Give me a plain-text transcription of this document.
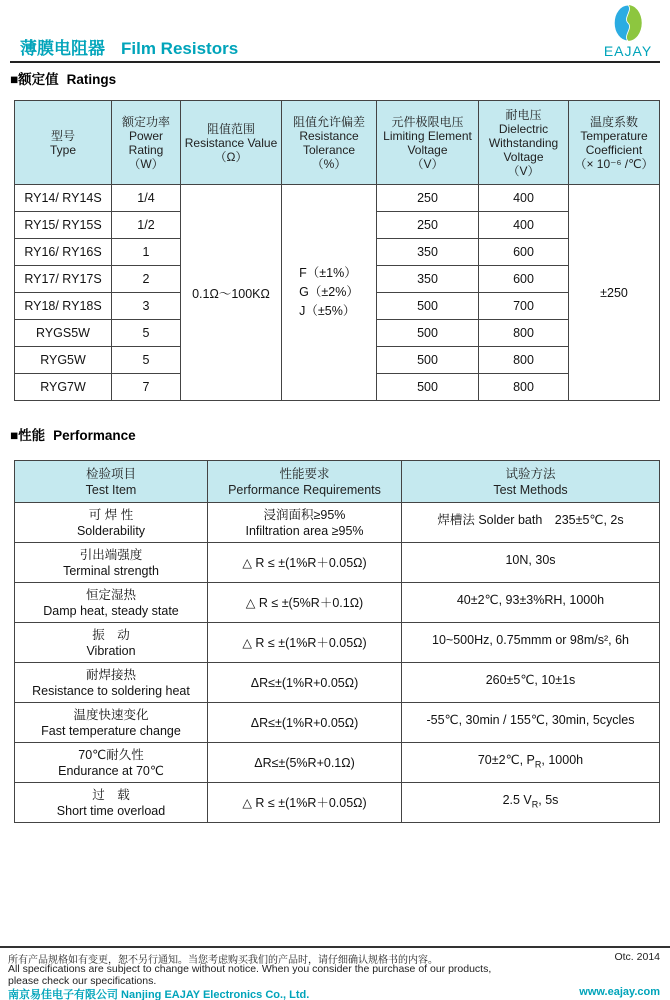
薄膜电阻器 Film Resistors	EAJAY
■额定值 Ratings
型号
Type	额定功率
Power Rating
（W）	阻值范围
Resistance Value
（Ω）	阻值允许偏差
Resistance Tolerance
（%）	元件极限电压
Limiting Element Voltage
（V）	耐电压
Dielectric Withstanding Voltage
（V）	温度系数
Temperature Coefficient
（× 10⁻⁶ /℃）

RY14/ RY14S	1/4	0.1Ω～100KΩ	F（±1%）
G（±2%）
J（±5%）	250	400	±250
RY15/ RY15S	1/2			250	400	
RY16/ RY16S	1			350	600	
RY17/ RY17S	2			350	600	
RY18/ RY18S	3			500	700	
RYGS5W	5			500	800	
RYG5W	5			500	800	
RYG7W	7			500	800	
■性能 Performance
检验项目
Test Item	性能要求
Performance Requirements	试验方法
Test Methods

可 焊 性
Solderability	浸润面积≥95%
Infiltration area ≥95%	焊槽法 Solder bath　235±5℃, 2s

引出端强度
Terminal strength	△ R ≤ ±(1%R＋0.05Ω)	10N, 30s

恒定湿热
Damp heat, steady state	△ R ≤ ±(5%R＋0.1Ω)	40±2℃, 93±3%RH, 1000h

振　动
Vibration	△ R ≤ ±(1%R＋0.05Ω)	10~500Hz, 0.75mmm or 98m/s², 6h

耐焊接热
Resistance to soldering heat	ΔR≤±(1%R+0.05Ω)	260±5℃, 10±1s

温度快速变化
Fast temperature change	ΔR≤±(1%R+0.05Ω)	-55℃, 30min / 155℃, 30min, 5cycles

70℃耐久性
Endurance at 70℃	ΔR≤±(5%R+0.1Ω)	70±2℃, $P_R$, 1000h

过　载
Short time overload	△ R ≤ ±(1%R＋0.05Ω)	2.5 $V_R$, 5s
所有产品规格如有变更，恕不另行通知。当您考虑购买我们的产品时，请仔细确认规格书的内容。	Otc. 2014
All specifications are subject to change without notice. When you consider the purchase of our products,
please check our specifications.
南京易佳电子有限公司 Nanjing EAJAY Electronics Co., Ltd.	www.eajay.com
